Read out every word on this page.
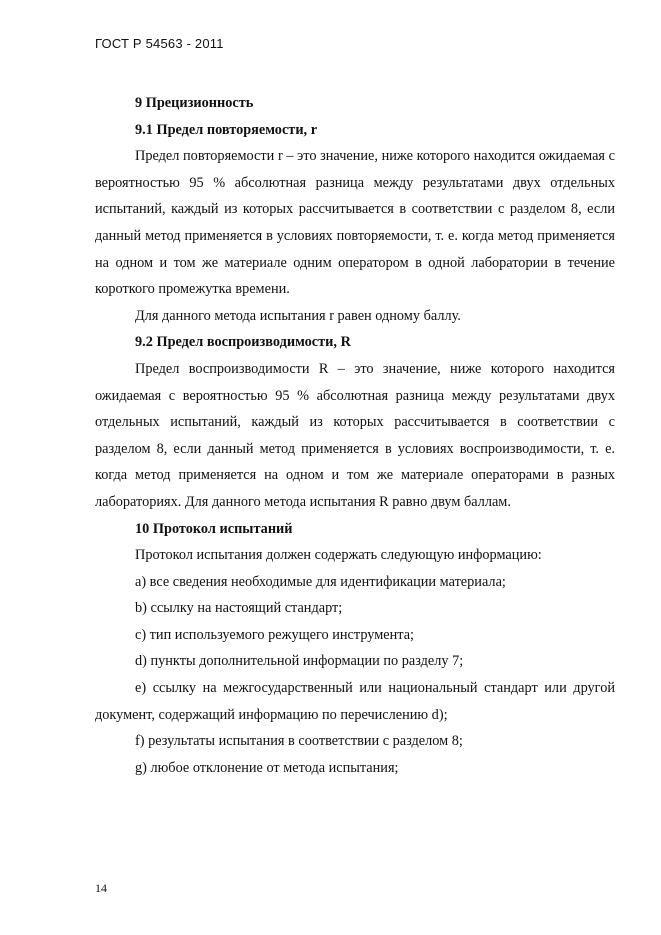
ГОСТ Р 54563 - 2011

9 Прецизионность

9.1 Предел повторяемости, r

Предел повторяемости r – это значение, ниже которого находится ожидаемая с вероятностью 95 % абсолютная разница между результатами двух отдельных испытаний, каждый из которых рассчитывается в соответствии с разделом 8, если данный метод применяется в условиях повторяемости, т. е. когда метод применяется на одном и том же материале одним оператором в одной лаборатории в течение короткого промежутка времени.

Для данного метода испытания r равен одному баллу.

9.2 Предел воспроизводимости, R

Предел воспроизводимости R – это значение, ниже которого находится ожидаемая с вероятностью 95 % абсолютная разница между результатами двух отдельных испытаний, каждый из которых рассчитывается в соответствии с разделом 8, если данный метод применяется в условиях воспроизводимости, т. е. когда метод применяется на одном и том же материале операторами в разных лабораториях. Для данного метода испытания R равно двум баллам.

10 Протокол испытаний

Протокол испытания должен содержать следующую информацию:

a) все сведения необходимые для идентификации материала;

b) ссылку на настоящий стандарт;

c) тип используемого режущего инструмента;

d) пункты дополнительной информации по разделу 7;

e) ссылку на межгосударственный или национальный стандарт или другой документ, содержащий информацию по перечислению d);

f) результаты испытания в соответствии с разделом 8;

g) любое отклонение от метода испытания;

14
